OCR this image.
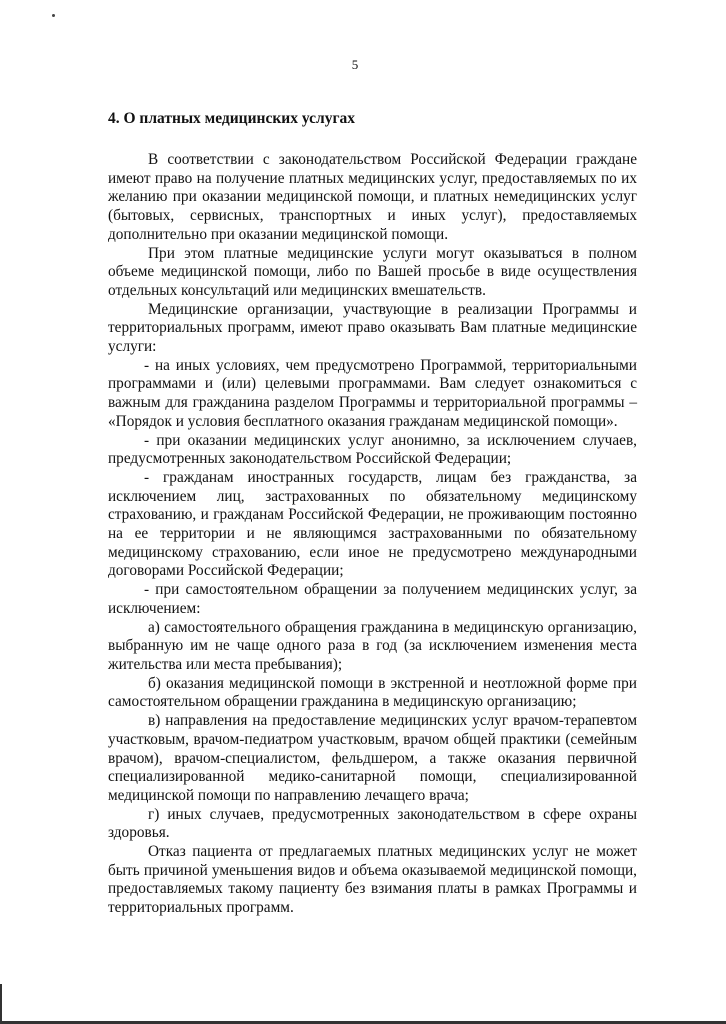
5
4. О платных медицинских услугах

В соответствии с законодательством Российской Федерации граждане имеют право на получение платных медицинских услуг, предоставляемых по их желанию при оказании медицинской помощи, и платных немедицинских услуг (бытовых, сервисных, транспортных и иных услуг), предоставляемых дополнительно при оказании медицинской помощи.

При этом платные медицинские услуги могут оказываться в полном объеме медицинской помощи, либо по Вашей просьбе в виде осуществления отдельных консультаций или медицинских вмешательств.

Медицинские организации, участвующие в реализации Программы и территориальных программ, имеют право оказывать Вам платные медицинские услуги:

- на иных условиях, чем предусмотрено Программой, территориальными программами и (или) целевыми программами. Вам следует ознакомиться с важным для гражданина разделом Программы и территориальной программы – «Порядок и условия бесплатного оказания гражданам медицинской помощи».

- при оказании медицинских услуг анонимно, за исключением случаев, предусмотренных законодательством Российской Федерации;

- гражданам иностранных государств, лицам без гражданства, за исключением лиц, застрахованных по обязательному медицинскому страхованию, и гражданам Российской Федерации, не проживающим постоянно на ее территории и не являющимся застрахованными по обязательному медицинскому страхованию, если иное не предусмотрено международными договорами Российской Федерации;

- при самостоятельном обращении за получением медицинских услуг, за исключением:

а) самостоятельного обращения гражданина в медицинскую организацию, выбранную им не чаще одного раза в год (за исключением изменения места жительства или места пребывания);

б) оказания медицинской помощи в экстренной и неотложной форме при самостоятельном обращении гражданина в медицинскую организацию;

в) направления на предоставление медицинских услуг врачом-терапевтом участковым, врачом-педиатром участковым, врачом общей практики (семейным врачом), врачом-специалистом, фельдшером, а также оказания первичной специализированной медико-санитарной помощи, специализированной медицинской помощи по направлению лечащего врача;

г) иных случаев, предусмотренных законодательством в сфере охраны здоровья.

Отказ пациента от предлагаемых платных медицинских услуг не может быть причиной уменьшения видов и объема оказываемой медицинской помощи, предоставляемых такому пациенту без взимания платы в рамках Программы и территориальных программ.
